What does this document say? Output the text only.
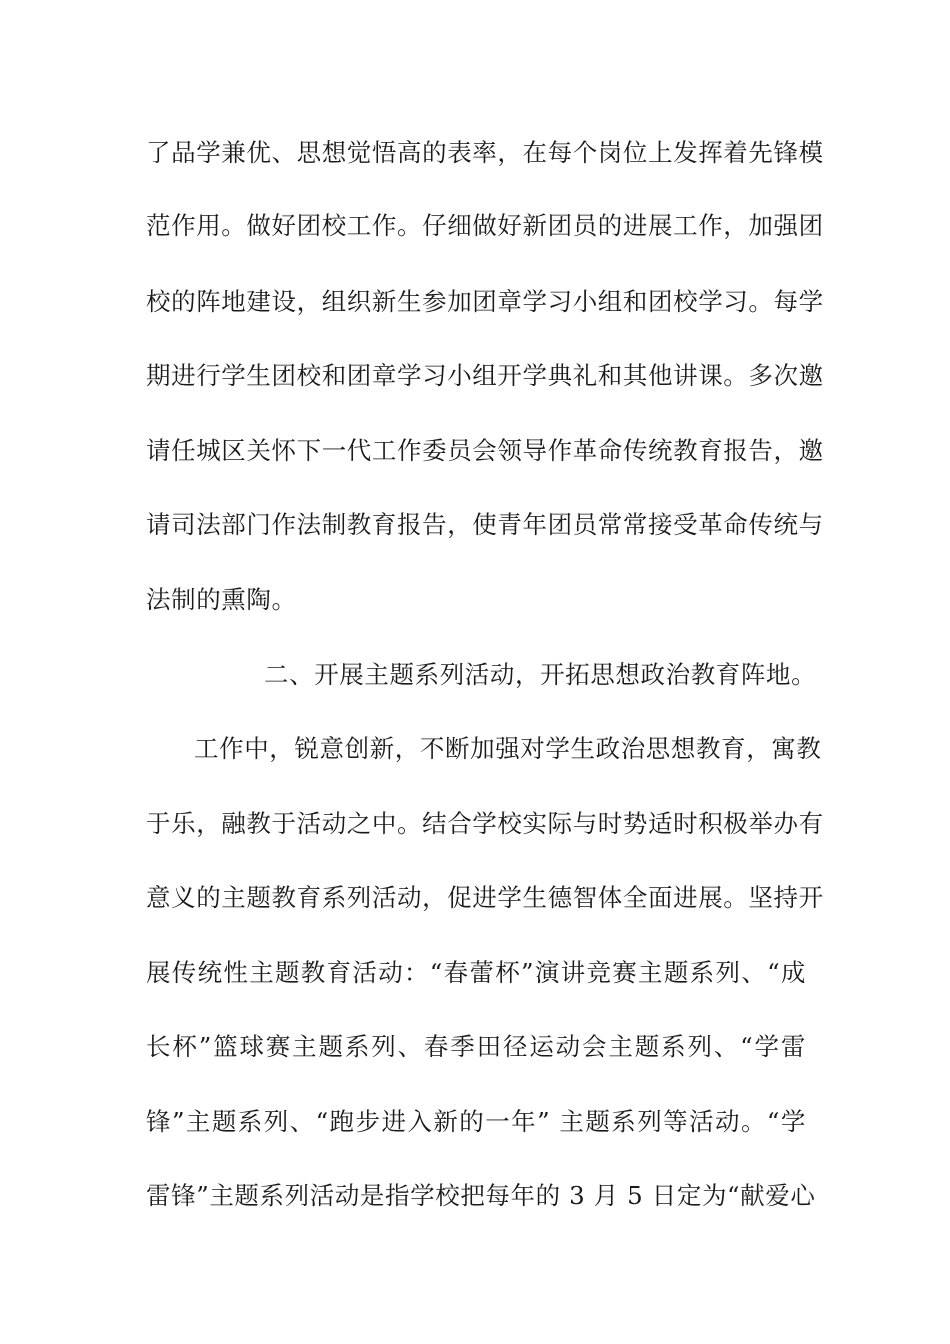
了品学兼优、思想觉悟高的表率，在每个岗位上发挥着先锋模
范作用。做好团校工作。仔细做好新团员的进展工作，加强团
校的阵地建设，组织新生参加团章学习小组和团校学习。每学
期进行学生团校和团章学习小组开学典礼和其他讲课。多次邀
请任城区关怀下一代工作委员会领导作革命传统教育报告，邀
请司法部门作法制教育报告，使青年团员常常接受革命传统与
法制的熏陶。
二、开展主题系列活动，开拓思想政治教育阵地。
工作中，锐意创新，不断加强对学生政治思想教育，寓教
于乐，融教于活动之中。结合学校实际与时势适时积极举办有
意义的主题教育系列活动，促进学生德智体全面进展。坚持开
展传统性主题教育活动：“春蕾杯”演讲竞赛主题系列、“成
长杯”篮球赛主题系列、春季田径运动会主题系列、“学雷
锋”主题系列、“跑步进入新的一年” 主题系列等活动。“学
雷锋”主题系列活动是指学校把每年的 3 月 5 日定为“献爱心
